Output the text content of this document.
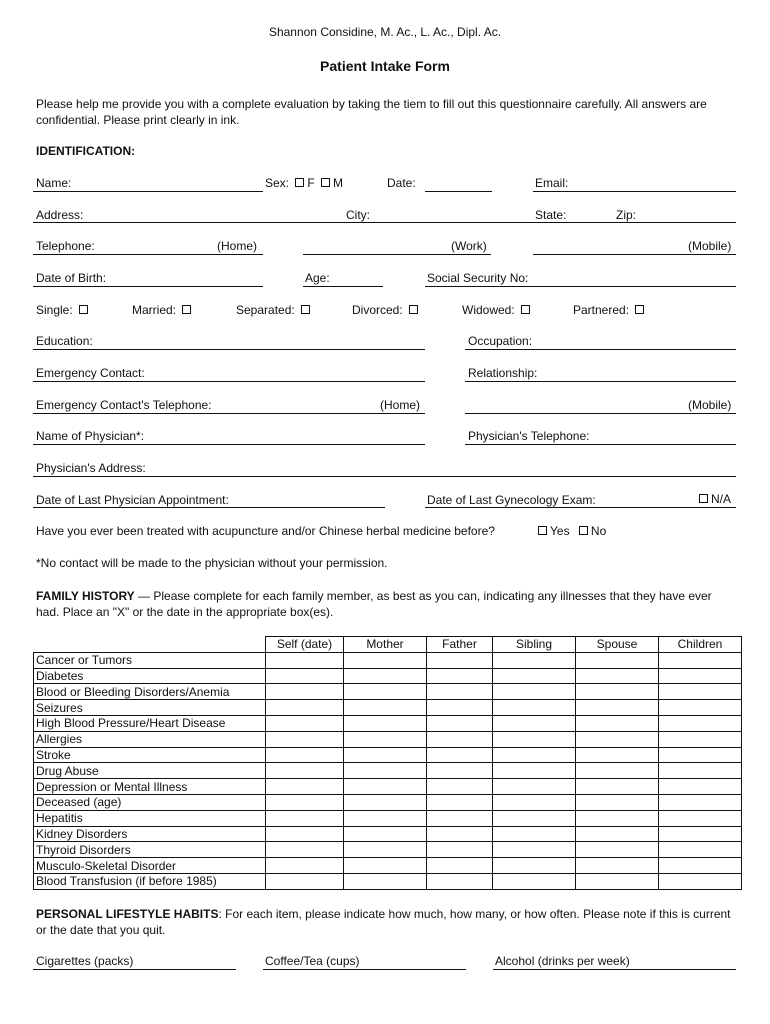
Shannon Considine, M. Ac., L. Ac., Dipl. Ac.
Patient Intake Form
Please help me provide you with a complete evaluation by taking the tiem to fill out this questionnaire carefully. All answers are confidential. Please print clearly in ink.
IDENTIFICATION:
Name:	Sex: F M	Date:	Email:
Address:	City:	State:	Zip:
Telephone:	(Home)	(Work)	(Mobile)
Date of Birth:	Age:	Social Security No:
Single:	Married:	Separated:	Divorced:	Widowed:	Partnered:
Education:	Occupation:
Emergency Contact:	Relationship:
Emergency Contact's Telephone:	(Home)	(Mobile)
Name of Physician*:	Physician's Telephone:
Physician's Address:
Date of Last Physician Appointment:	Date of Last Gynecology Exam:	N/A
Have you ever been treated with acupuncture and/or Chinese herbal medicine before?	Yes No
*No contact will be made to the physician without your permission.
FAMILY HISTORY — Please complete for each family member, as best as you can, indicating any illnesses that they have ever had. Place an "X" or the date in the appropriate box(es).
	Self (date)	Mother	Father	Sibling	Spouse	Children
Cancer or Tumors						
Diabetes						
Blood or Bleeding Disorders/Anemia						
Seizures						
High Blood Pressure/Heart Disease						
Allergies						
Stroke						
Drug Abuse						
Depression or Mental Illness						
Deceased (age)						
Hepatitis						
Kidney Disorders						
Thyroid Disorders						
Musculo-Skeletal Disorder						
Blood Transfusion (if before 1985)						
PERSONAL LIFESTYLE HABITS: For each item, please indicate how much, how many, or how often. Please note if this is current or the date that you quit.
Cigarettes (packs)	Coffee/Tea (cups)	Alcohol (drinks per week)
